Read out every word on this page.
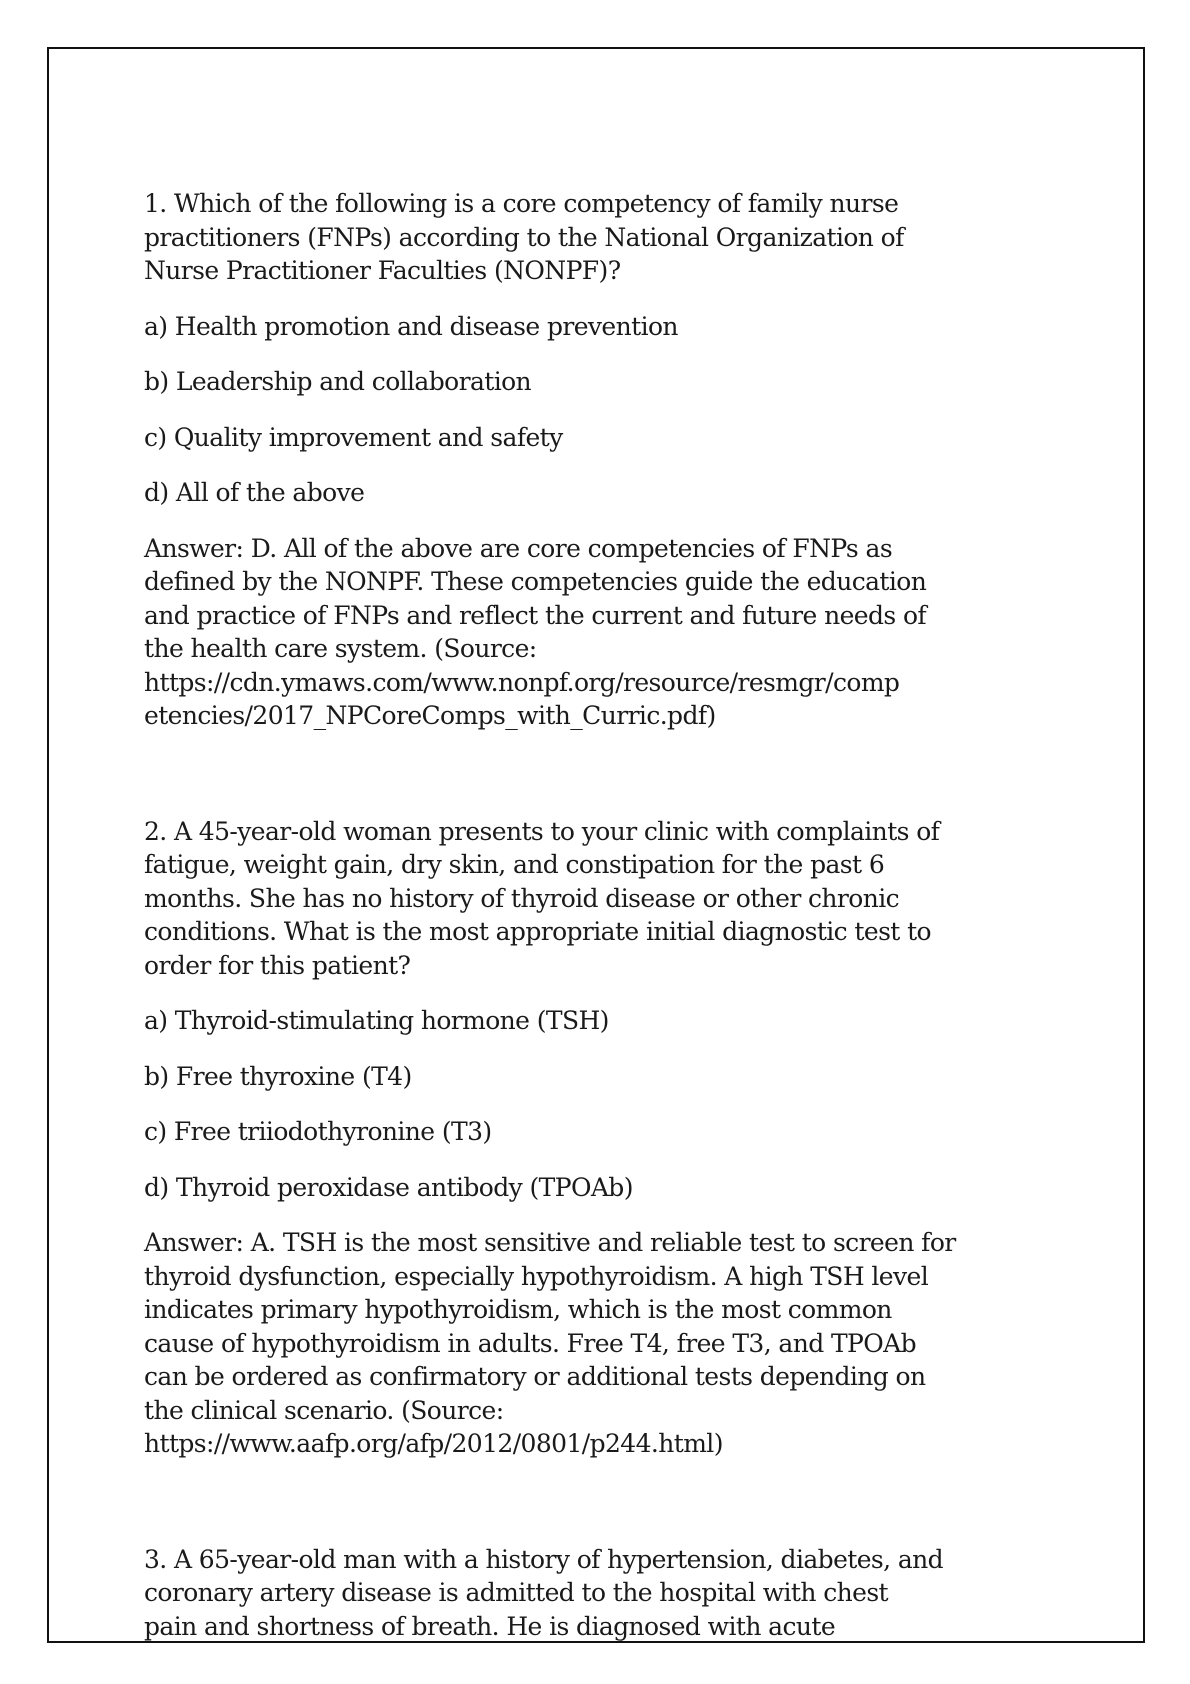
1. Which of the following is a core competency of family nurse
practitioners (FNPs) according to the National Organization of
Nurse Practitioner Faculties (NONPF)?

a) Health promotion and disease prevention

b) Leadership and collaboration

c) Quality improvement and safety

d) All of the above

Answer: D. All of the above are core competencies of FNPs as
defined by the NONPF. These competencies guide the education
and practice of FNPs and reflect the current and future needs of
the health care system. (Source:
https://cdn.ymaws.com/www.nonpf.org/resource/resmgr/comp
etencies/2017_NPCoreComps_with_Curric.pdf)

2. A 45-year-old woman presents to your clinic with complaints of
fatigue, weight gain, dry skin, and constipation for the past 6
months. She has no history of thyroid disease or other chronic
conditions. What is the most appropriate initial diagnostic test to
order for this patient?

a) Thyroid-stimulating hormone (TSH)

b) Free thyroxine (T4)

c) Free triiodothyronine (T3)

d) Thyroid peroxidase antibody (TPOAb)

Answer: A. TSH is the most sensitive and reliable test to screen for
thyroid dysfunction, especially hypothyroidism. A high TSH level
indicates primary hypothyroidism, which is the most common
cause of hypothyroidism in adults. Free T4, free T3, and TPOAb
can be ordered as confirmatory or additional tests depending on
the clinical scenario. (Source:
https://www.aafp.org/afp/2012/0801/p244.html)

3. A 65-year-old man with a history of hypertension, diabetes, and
coronary artery disease is admitted to the hospital with chest
pain and shortness of breath. He is diagnosed with acute
